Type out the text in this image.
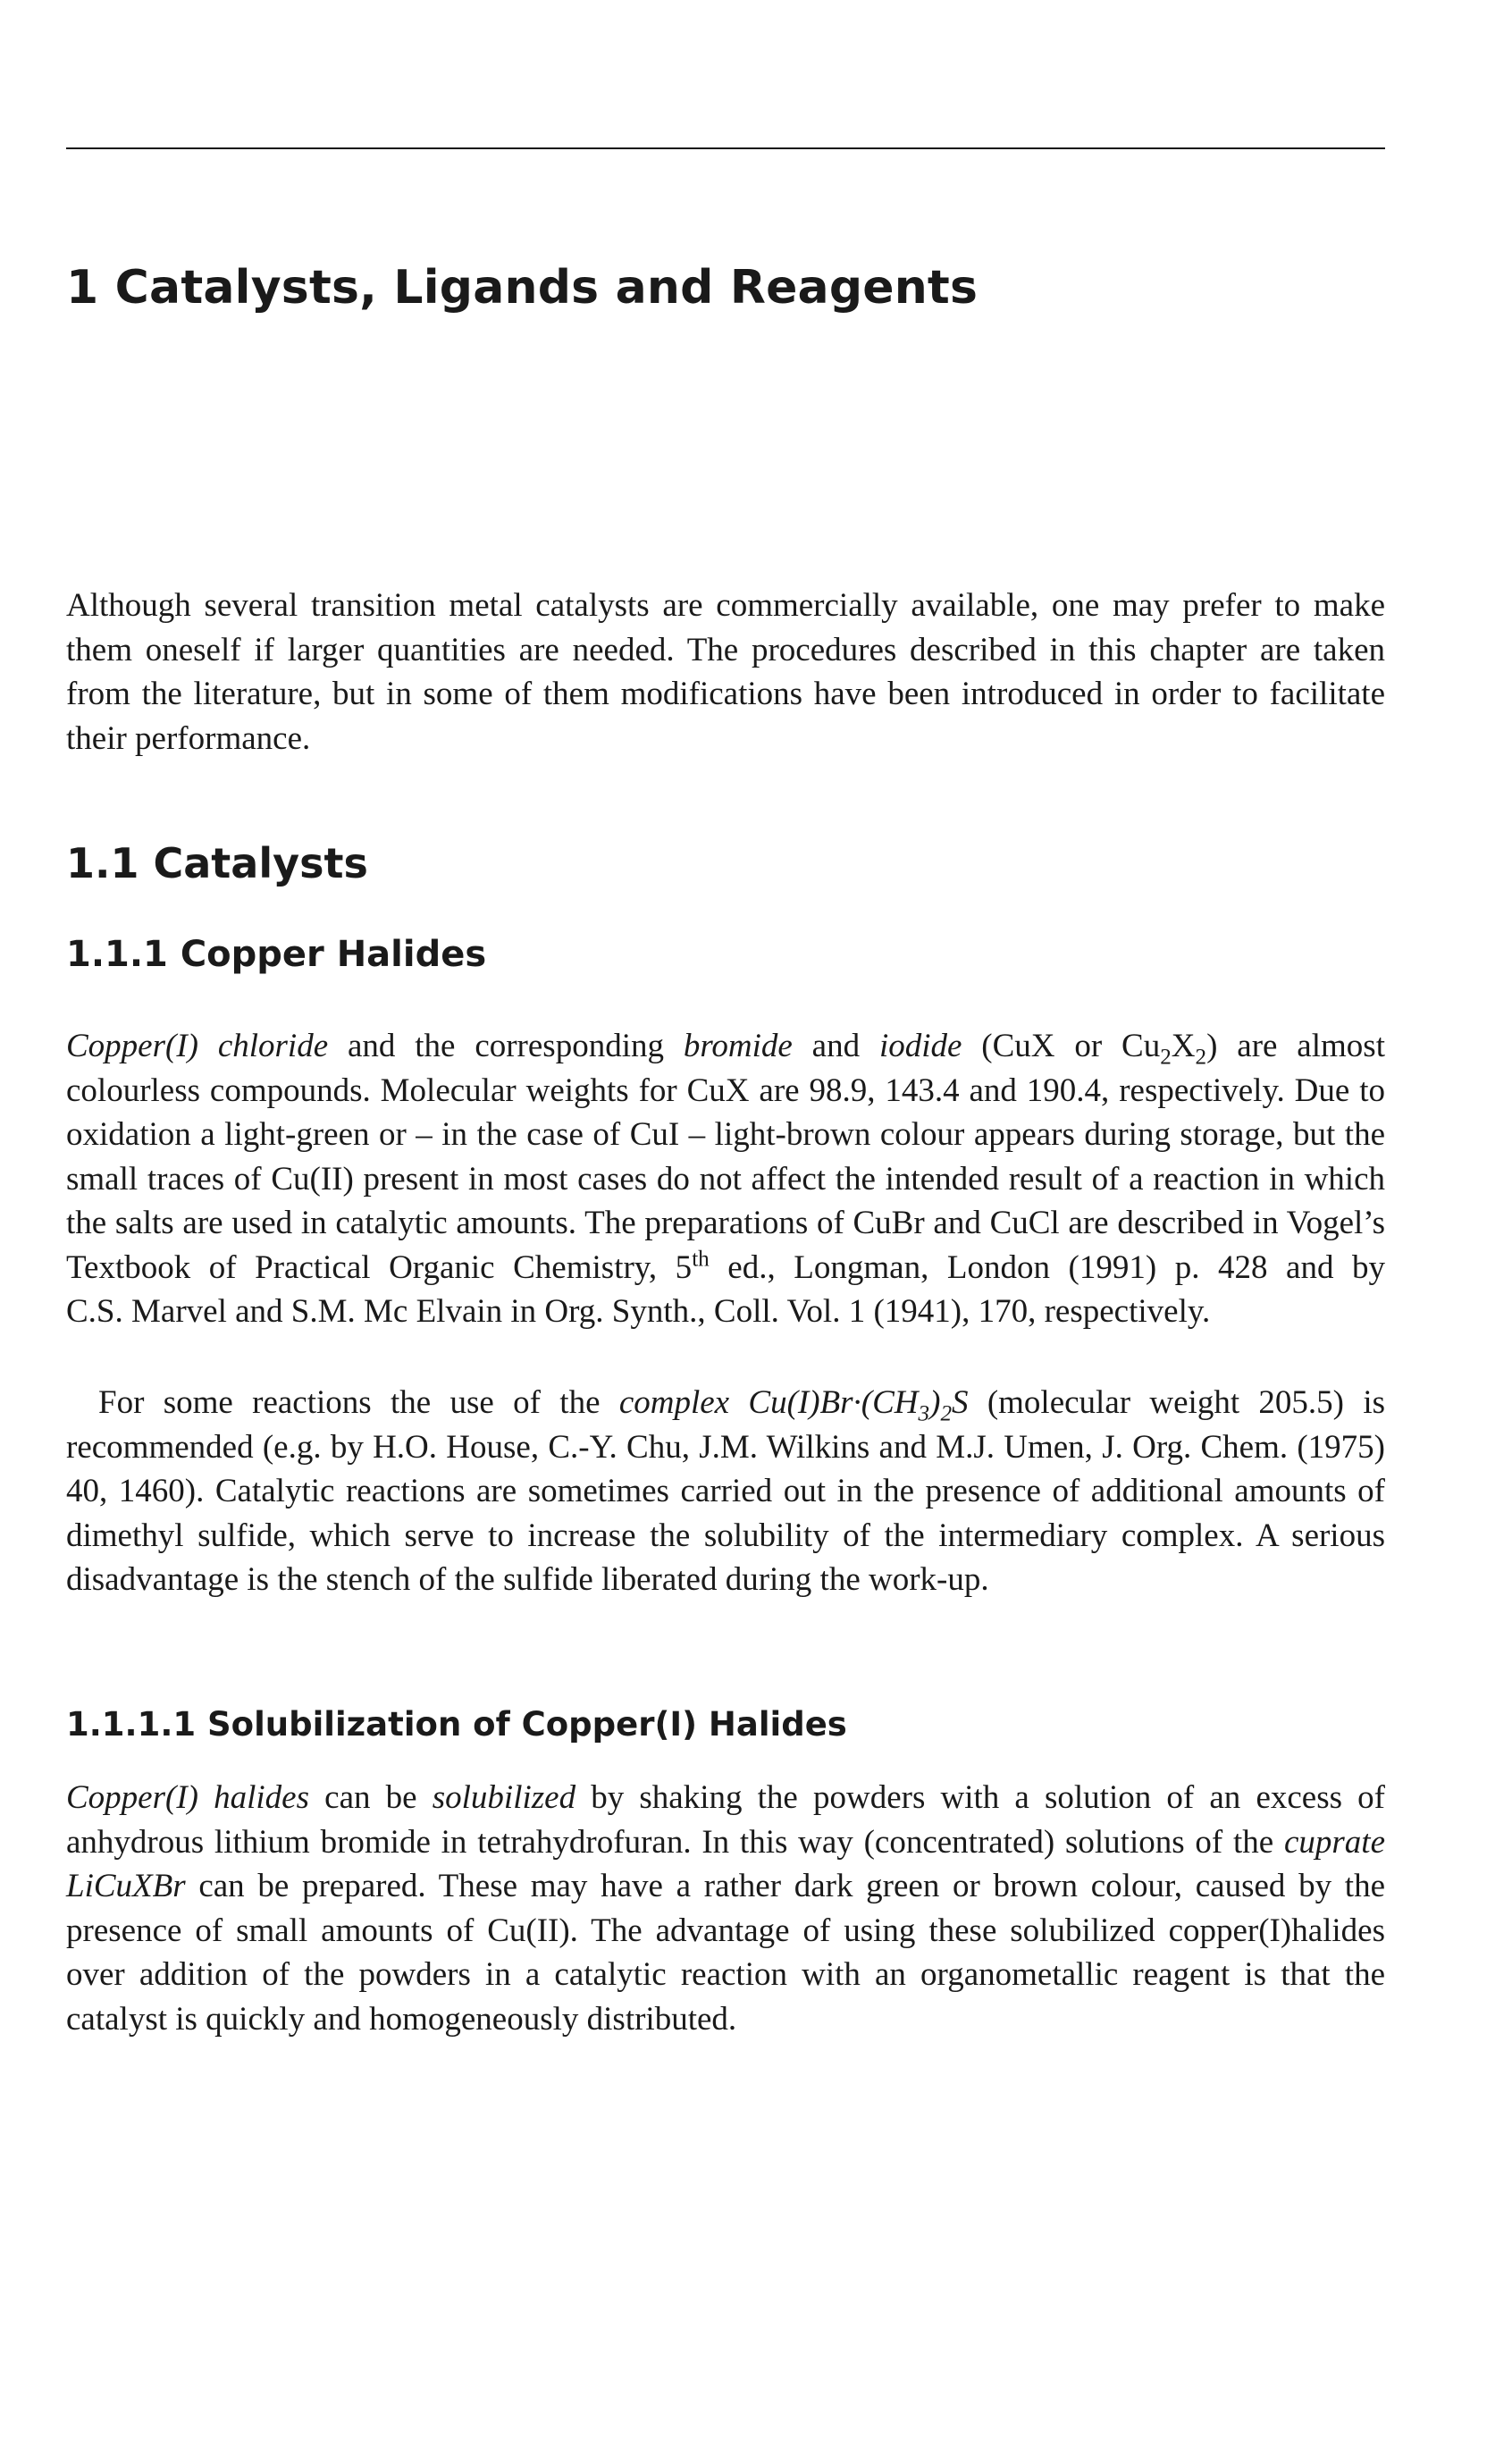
1 Catalysts, Ligands and Reagents

Although several transition metal catalysts are commercially available, one may prefer to make them oneself if larger quantities are needed. The procedures described in this chapter are taken from the literature, but in some of them modifications have been introduced in order to facilitate their performance.

1.1 Catalysts
1.1.1 Copper Halides

Copper(I) chloride and the corresponding bromide and iodide (CuX or $Cu_2X_2$) are almost colourless compounds. Molecular weights for CuX are 98.9, 143.4 and 190.4, respectively. Due to oxidation a light-green or – in the case of CuI – light-brown colour appears during storage, but the small traces of Cu(II) present in most cases do not affect the intended result of a reaction in which the salts are used in catalytic amounts. The preparations of CuBr and CuCl are described in Vogel’s Textbook of Practical Organic Chemistry, 5th ed., Longman, London (1991) p. 428 and by C.S. Marvel and S.M. Mc Elvain in Org. Synth., Coll. Vol. 1 (1941), 170, respectively.

For some reactions the use of the complex $Cu(I)Br\cdot(CH_3)_2S$ (molecular weight 205.5) is recommended (e.g. by H.O. House, C.-Y. Chu, J.M. Wilkins and M.J. Umen, J. Org. Chem. (1975) 40, 1460). Catalytic reactions are sometimes carried out in the presence of additional amounts of dimethyl sulfide, which serve to increase the solubility of the intermediary complex. A serious disadvantage is the stench of the sulfide liberated during the work-up.

1.1.1.1 Solubilization of Copper(I) Halides

Copper(I) halides can be solubilized by shaking the powders with a solution of an excess of anhydrous lithium bromide in tetrahydrofuran. In this way (concentrated) solutions of the cuprate LiCuXBr can be prepared. These may have a rather dark green or brown colour, caused by the presence of small amounts of Cu(II). The advantage of using these solubilized copper(I)halides over addition of the powders in a catalytic reaction with an organometallic reagent is that the catalyst is quickly and homogeneously distributed.
